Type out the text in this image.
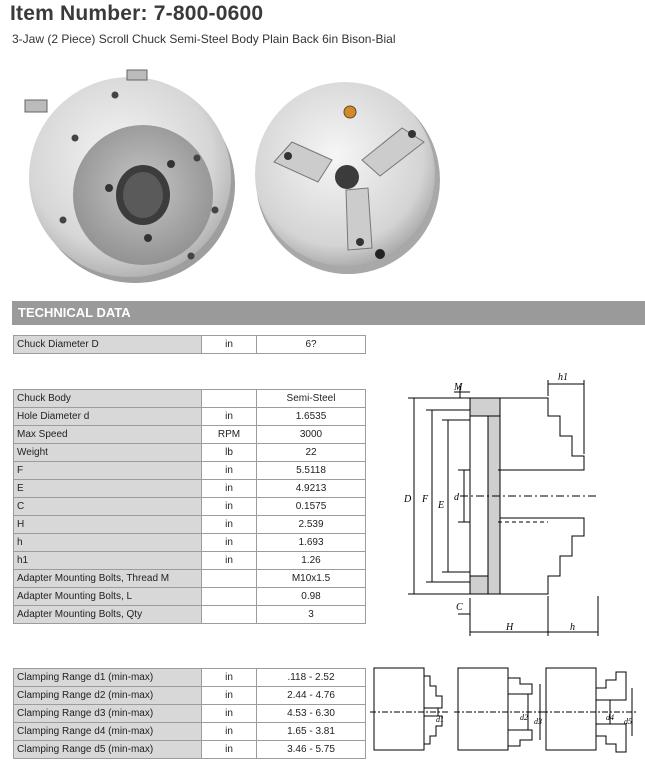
Item Number: 7-800-0600
3-Jaw (2 Piece) Scroll Chuck Semi-Steel Body Plain Back 6in Bison-Bial
TECHNICAL DATA
Chuck Diameter D	in	6?
Chuck Body		Semi-Steel
Hole Diameter d	in	1.6535
Max Speed	RPM	3000
Weight	lb	22
F	in	5.5118
E	in	4.9213
C	in	0.1575
H	in	2.539
h	in	1.693
h1	in	1.26
Adapter Mounting Bolts, Thread M		M10x1.5
Adapter Mounting Bolts, L		0.98
Adapter Mounting Bolts, Qty		3
Clamping Range d1 (min-max)	in	.118 - 2.52
Clamping Range d2 (min-max)	in	2.44 - 4.76
Clamping Range d3 (min-max)	in	4.53 - 6.30
Clamping Range d4 (min-max)	in	1.65 - 3.81
Clamping Range d5 (min-max)	in	3.46 - 5.75
M
h1
D F
E
d
C
H	h
d1	d2 d3	d4 d5
